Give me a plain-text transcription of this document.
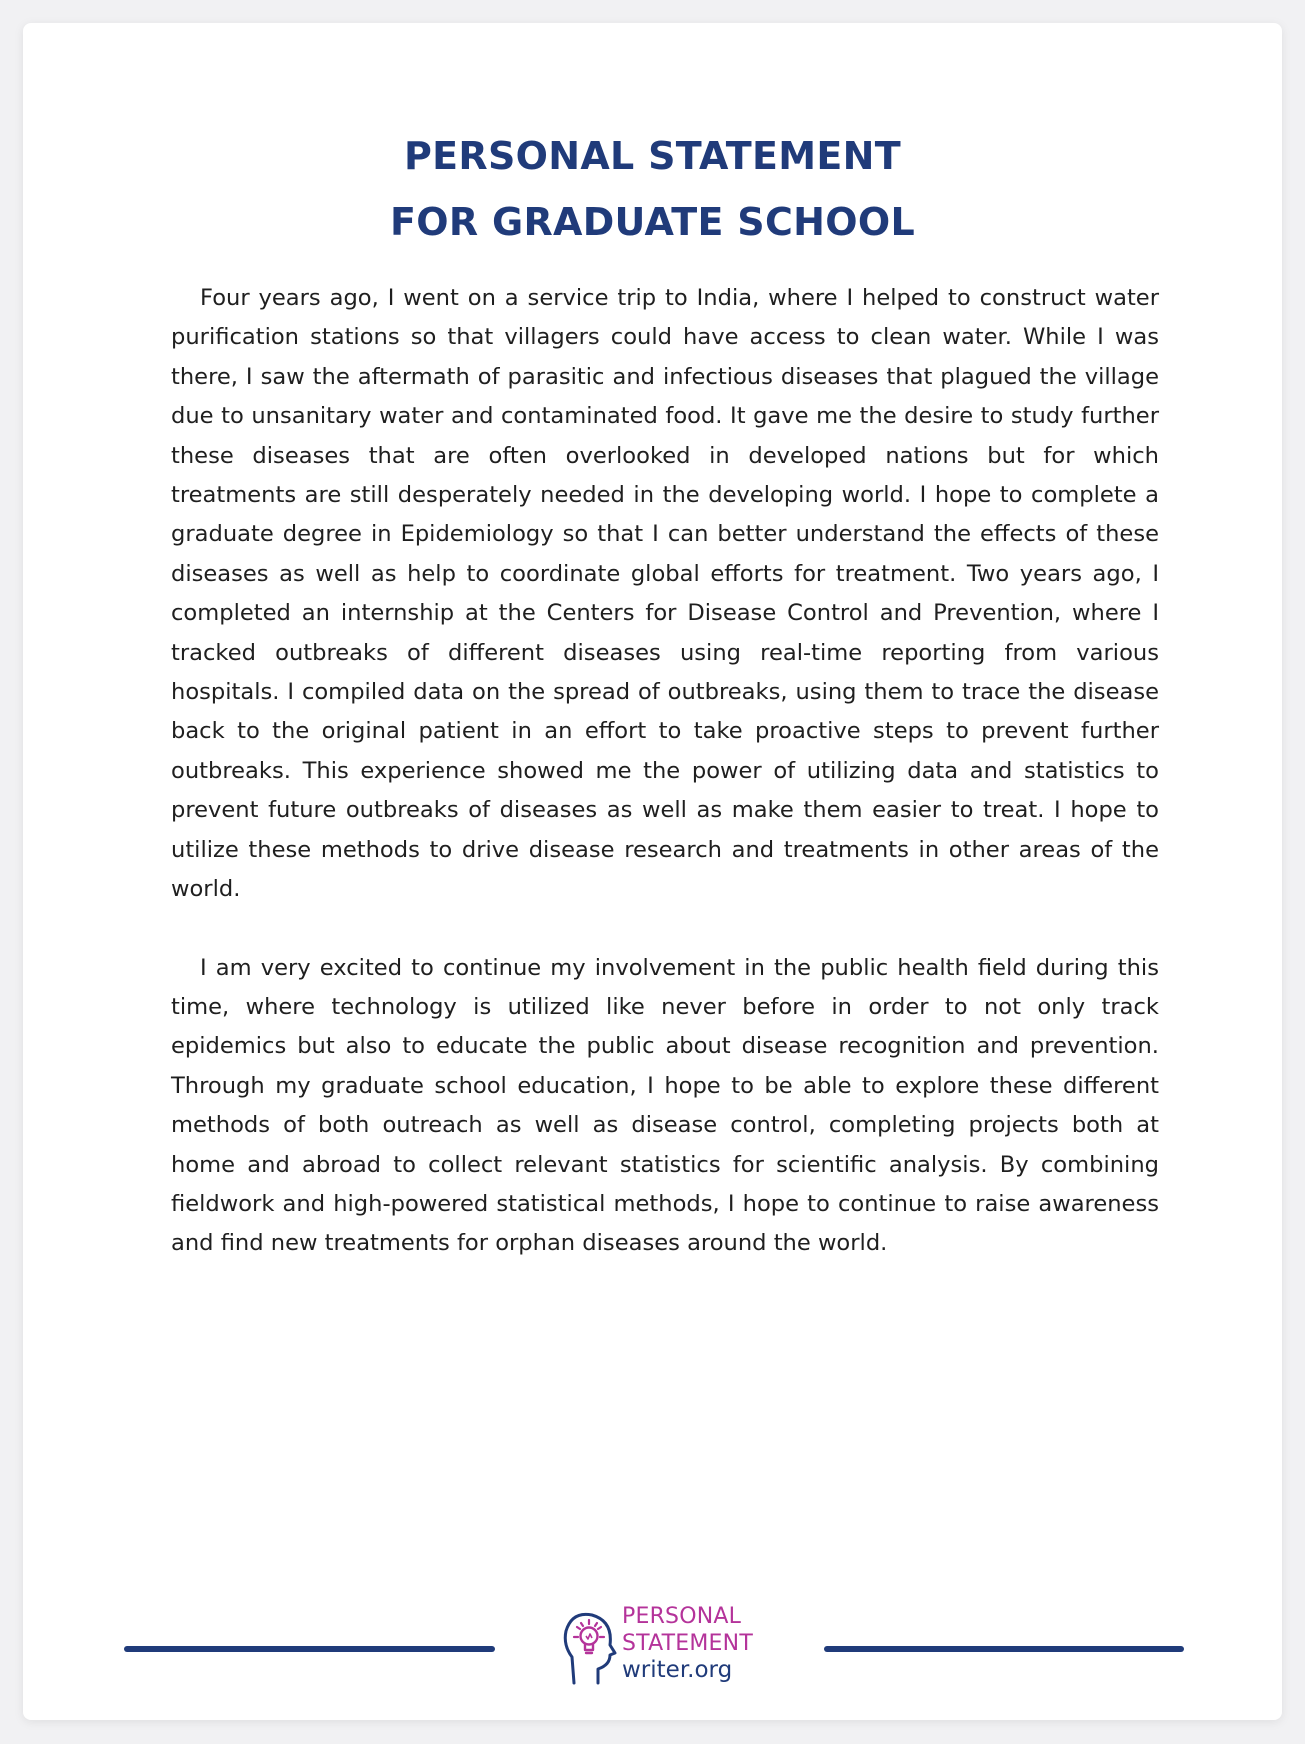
PERSONAL STATEMENT
FOR GRADUATE SCHOOL

Four years ago, I went on a service trip to India, where I helped to construct water purification stations so that villagers could have access to clean water. While I was there, I saw the aftermath of parasitic and infectious diseases that plagued the village due to unsanitary water and contaminated food. It gave me the desire to study further these diseases that are often overlooked in developed nations but for which treatments are still desperately needed in the developing world. I hope to complete a graduate degree in Epidemiology so that I can better understand the effects of these diseases as well as help to coordinate global efforts for treatment. Two years ago, I completed an internship at the Centers for Disease Control and Prevention, where I tracked outbreaks of different diseases using real-time reporting from various hospitals. I compiled data on the spread of outbreaks, using them to trace the disease back to the original patient in an effort to take proactive steps to prevent further outbreaks. This experience showed me the power of utilizing data and statistics to prevent future outbreaks of diseases as well as make them easier to treat. I hope to utilize these methods to drive disease research and treatments in other areas of the world.

I am very excited to continue my involvement in the public health field during this time, where technology is utilized like never before in order to not only track epidemics but also to educate the public about disease recognition and prevention. Through my graduate school education, I hope to be able to explore these different methods of both outreach as well as disease control, completing projects both at home and abroad to collect relevant statistics for scientific analysis. By combining fieldwork and high-powered statistical methods, I hope to continue to raise awareness and find new treatments for orphan diseases around the world.

PERSONAL
STATEMENT
writer.org
